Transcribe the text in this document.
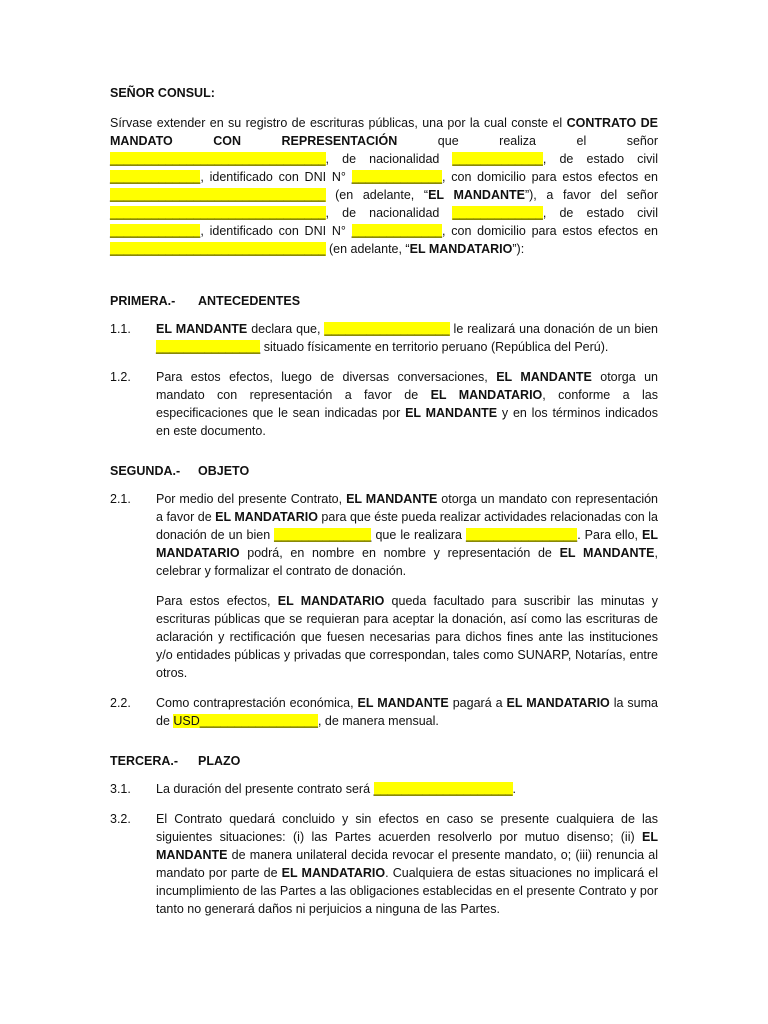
SEÑOR CONSUL:

Sírvase extender en su registro de escrituras públicas, una por la cual conste el CONTRATO DE MANDATO CON REPRESENTACIÓN que realiza el señor _______________________________, de nacionalidad _____________, de estado civil _____________, identificado con DNI N° _____________, con domicilio para estos efectos en _______________________________ (en adelante, “EL MANDANTE”), a favor del señor _______________________________, de nacionalidad _____________, de estado civil _____________, identificado con DNI N° _____________, con domicilio para estos efectos en _______________________________ (en adelante, “EL MANDATARIO”):

PRIMERA.-	ANTECEDENTES
1.1.	EL MANDANTE declara que, __________________ le realizará una donación de un bien _______________ situado físicamente en territorio peruano (República del Perú).
1.2.	Para estos efectos, luego de diversas conversaciones, EL MANDANTE otorga un mandato con representación a favor de EL MANDATARIO, conforme a las especificaciones que le sean indicadas por EL MANDANTE y en los términos indicados en este documento.
SEGUNDA.-	OBJETO
2.1.	Por medio del presente Contrato, EL MANDANTE otorga un mandato con representación a favor de EL MANDATARIO para que éste pueda realizar actividades relacionadas con la donación de un bien ______________ que le realizara ________________. Para ello, EL MANDATARIO podrá, en nombre en nombre y representación de EL MANDANTE, celebrar y formalizar el contrato de donación.

Para estos efectos, EL MANDATARIO queda facultado para suscribir las minutas y escrituras públicas que se requieran para aceptar la donación, así como las escrituras de aclaración y rectificación que fuesen necesarias para dichos fines ante las instituciones y/o entidades públicas y privadas que correspondan, tales como SUNARP, Notarías, entre otros.

2.2.	Como contraprestación económica, EL MANDANTE pagará a EL MANDATARIO la suma de USD_________________, de manera mensual.
TERCERA.-	PLAZO
3.1.	La duración del presente contrato será ____________________.
3.2.	El Contrato quedará concluido y sin efectos en caso se presente cualquiera de las siguientes situaciones: (i) las Partes acuerden resolverlo por mutuo disenso; (ii) EL MANDANTE de manera unilateral decida revocar el presente mandato, o; (iii) renuncia al mandato por parte de EL MANDATARIO. Cualquiera de estas situaciones no implicará el incumplimiento de las Partes a las obligaciones establecidas en el presente Contrato y por tanto no generará daños ni perjuicios a ninguna de las Partes.
